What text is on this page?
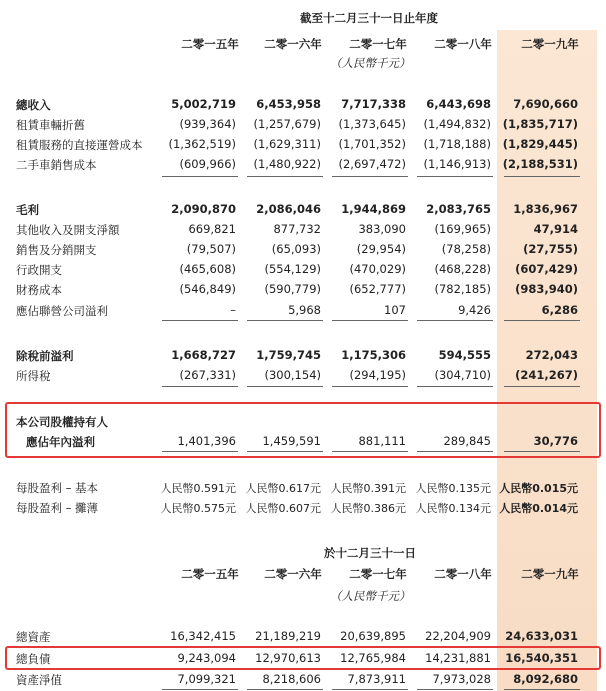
截至十二月三十一日止年度
二零一五年	二零一六年	二零一七年	二零一八年	二零一九年
（人民幣千元）
總收入	5,002,719	6,453,958	7,717,338	6,443,698	7,690,660
租賃車輛折舊	(939,364)	(1,257,679)	(1,373,645)	(1,494,832)	(1,835,717)
租賃服務的直接運營成本	(1,362,519)	(1,629,311)	(1,701,352)	(1,718,188)	(1,829,445)
二手車銷售成本	(609,966)	(1,480,922)	(2,697,472)	(1,146,913)	(2,188,531)
毛利	2,090,870	2,086,046	1,944,869	2,083,765	1,836,967
其他收入及開支淨額	669,821	877,732	383,090	(169,965)	47,914
銷售及分銷開支	(79,507)	(65,093)	(29,954)	(78,258)	(27,755)
行政開支	(465,608)	(554,129)	(470,029)	(468,228)	(607,429)
財務成本	(546,849)	(590,779)	(652,777)	(782,185)	(983,940)
應佔聯營公司溢利	–	5,968	107	9,426	6,286
除稅前溢利	1,668,727	1,759,745	1,175,306	594,555	272,043
所得稅	(267,331)	(300,154)	(294,195)	(304,710)	(241,267)
本公司股權持有人
應佔年內溢利	1,401,396	1,459,591	881,111	289,845	30,776
每股盈利 – 基本	人民幣0.591元 人民幣0.617元 人民幣0.391元 人民幣0.135元 人民幣0.015元
每股盈利 – 攤薄	人民幣0.575元 人民幣0.607元 人民幣0.386元 人民幣0.134元 人民幣0.014元
於十二月三十一日
二零一五年	二零一六年	二零一七年	二零一八年	二零一九年
（人民幣千元）
總資產	16,342,415	21,189,219	20,639,895	22,204,909	24,633,031
總負債	9,243,094	12,970,613	12,765,984	14,231,881	16,540,351
資產淨值	7,099,321	8,218,606	7,873,911	7,973,028	8,092,680
